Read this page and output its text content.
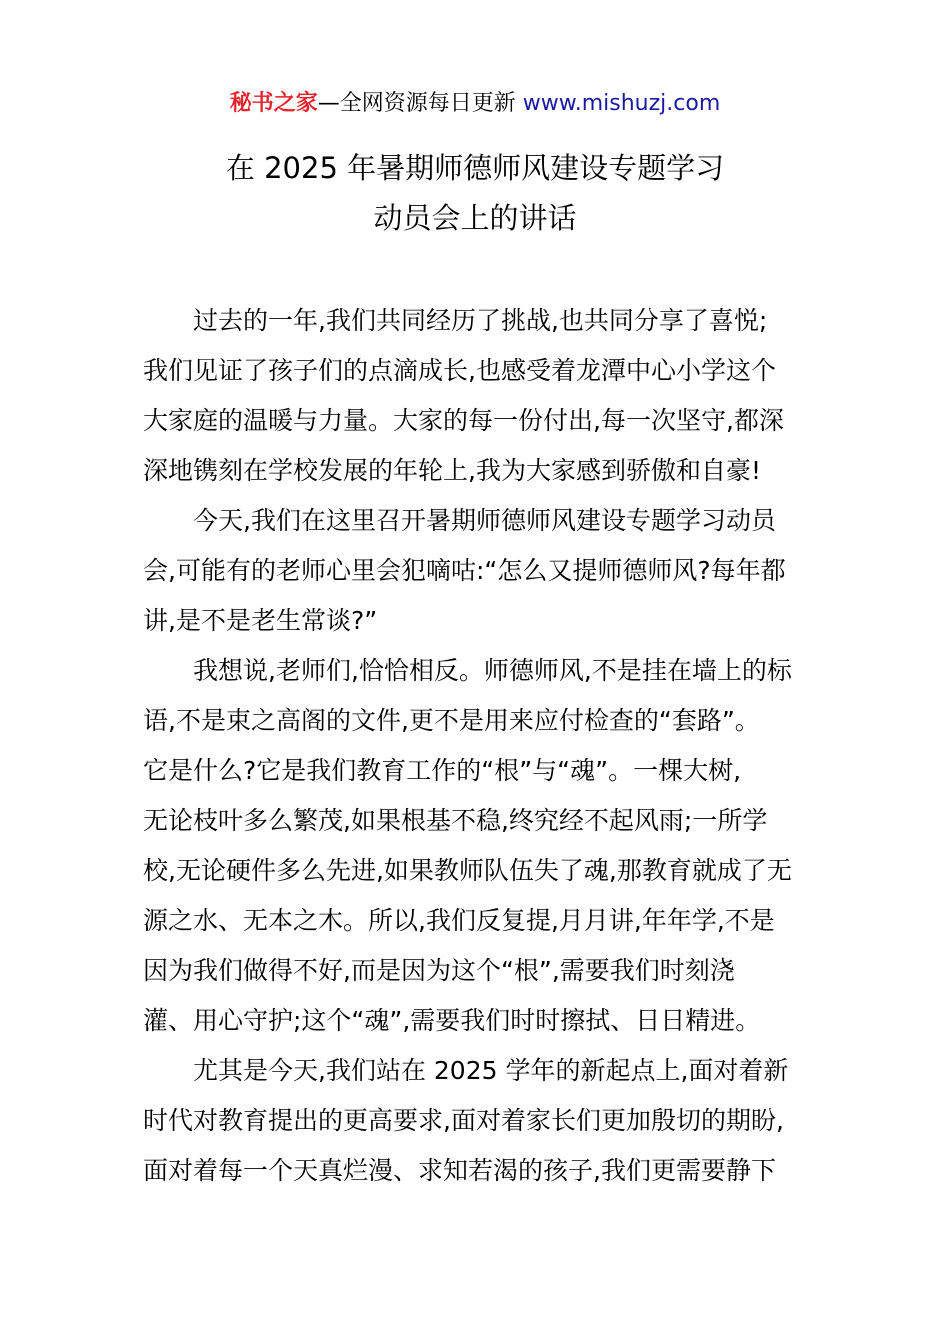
秘书之家—全网资源每日更新 www.mishuzj.com
在 2025 年暑期师德师风建设专题学习
动员会上的讲话
过去的一年,我们共同经历了挑战,也共同分享了喜悦;
我们见证了孩子们的点滴成长,也感受着龙潭中心小学这个
大家庭的温暖与力量。大家的每一份付出,每一次坚守,都深
深地镌刻在学校发展的年轮上,我为大家感到骄傲和自豪!
今天,我们在这里召开暑期师德师风建设专题学习动员
会,可能有的老师心里会犯嘀咕:“怎么又提师德师风?每年都
讲,是不是老生常谈?”
我想说,老师们,恰恰相反。师德师风,不是挂在墙上的标
语,不是束之高阁的文件,更不是用来应付检查的“套路”。
它是什么?它是我们教育工作的“根”与“魂”。一棵大树,
无论枝叶多么繁茂,如果根基不稳,终究经不起风雨;一所学
校,无论硬件多么先进,如果教师队伍失了魂,那教育就成了无
源之水、无本之木。所以,我们反复提,月月讲,年年学,不是
因为我们做得不好,而是因为这个“根”,需要我们时刻浇
灌、用心守护;这个“魂”,需要我们时时擦拭、日日精进。
尤其是今天,我们站在 2025 学年的新起点上,面对着新
时代对教育提出的更高要求,面对着家长们更加殷切的期盼,
面对着每一个天真烂漫、求知若渴的孩子,我们更需要静下
